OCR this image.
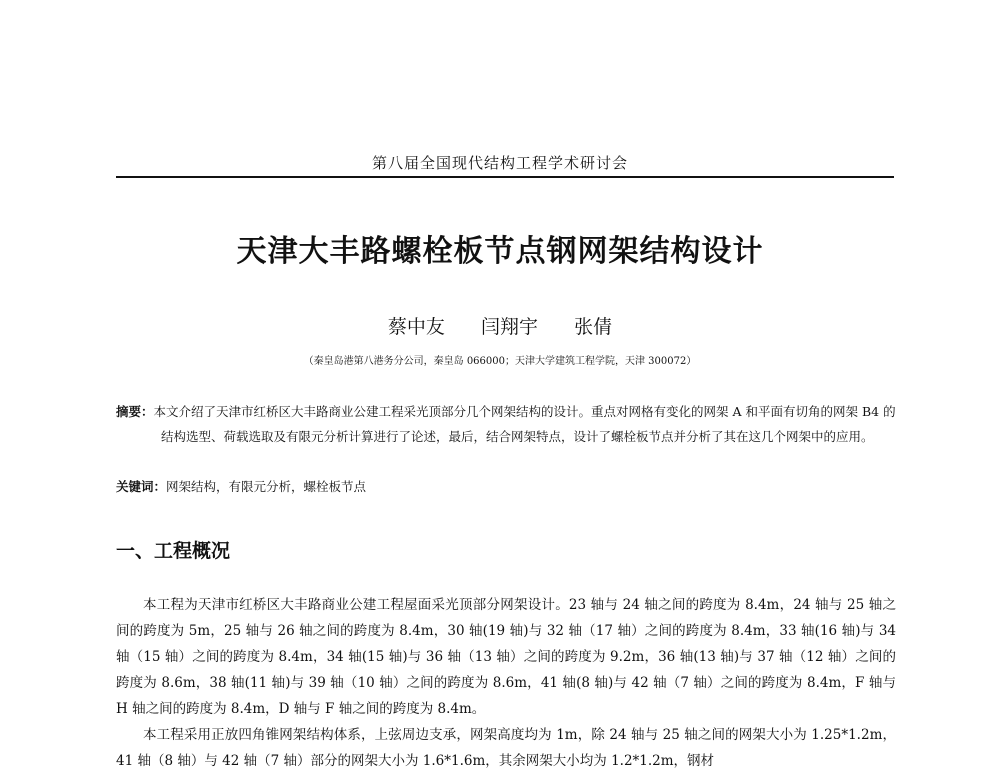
第八届全国现代结构工程学术研讨会
天津大丰路螺栓板节点钢网架结构设计
蔡中友   闫翔宇   张倩
（秦皇岛港第八港务分公司，秦皇岛 066000；天津大学建筑工程学院，天津 300072）
摘要：本文介绍了天津市红桥区大丰路商业公建工程采光顶部分几个网架结构的设计。重点对网格有变化的网架 A 和平面有切角的网架 B4 的结构选型、荷载选取及有限元分析计算进行了论述，最后，结合网架特点，设计了螺栓板节点并分析了其在这几个网架中的应用。
关键词：网架结构，有限元分析，螺栓板节点
一、工程概况

本工程为天津市红桥区大丰路商业公建工程屋面采光顶部分网架设计。23 轴与 24 轴之间的跨度为 8.4m，24 轴与 25 轴之间的跨度为 5m，25 轴与 26 轴之间的跨度为 8.4m，30 轴(19 轴)与 32 轴（17 轴）之间的跨度为 8.4m，33 轴(16 轴)与 34 轴（15 轴）之间的跨度为 8.4m，34 轴(15 轴)与 36 轴（13 轴）之间的跨度为 9.2m，36 轴(13 轴)与 37 轴（12 轴）之间的跨度为 8.6m，38 轴(11 轴)与 39 轴（10 轴）之间的跨度为 8.6m，41 轴(8 轴)与 42 轴（7 轴）之间的跨度为 8.4m，F 轴与 H 轴之间的跨度为 8.4m，D 轴与 F 轴之间的跨度为 8.4m。

本工程采用正放四角锥网架结构体系，上弦周边支承，网架高度均为 1m，除 24 轴与 25 轴之间的网架大小为 1.25*1.2m，41 轴（8 轴）与 42 轴（7 轴）部分的网架大小为 1.6*1.6m，其余网架大小均为 1.2*1.2m，钢材
